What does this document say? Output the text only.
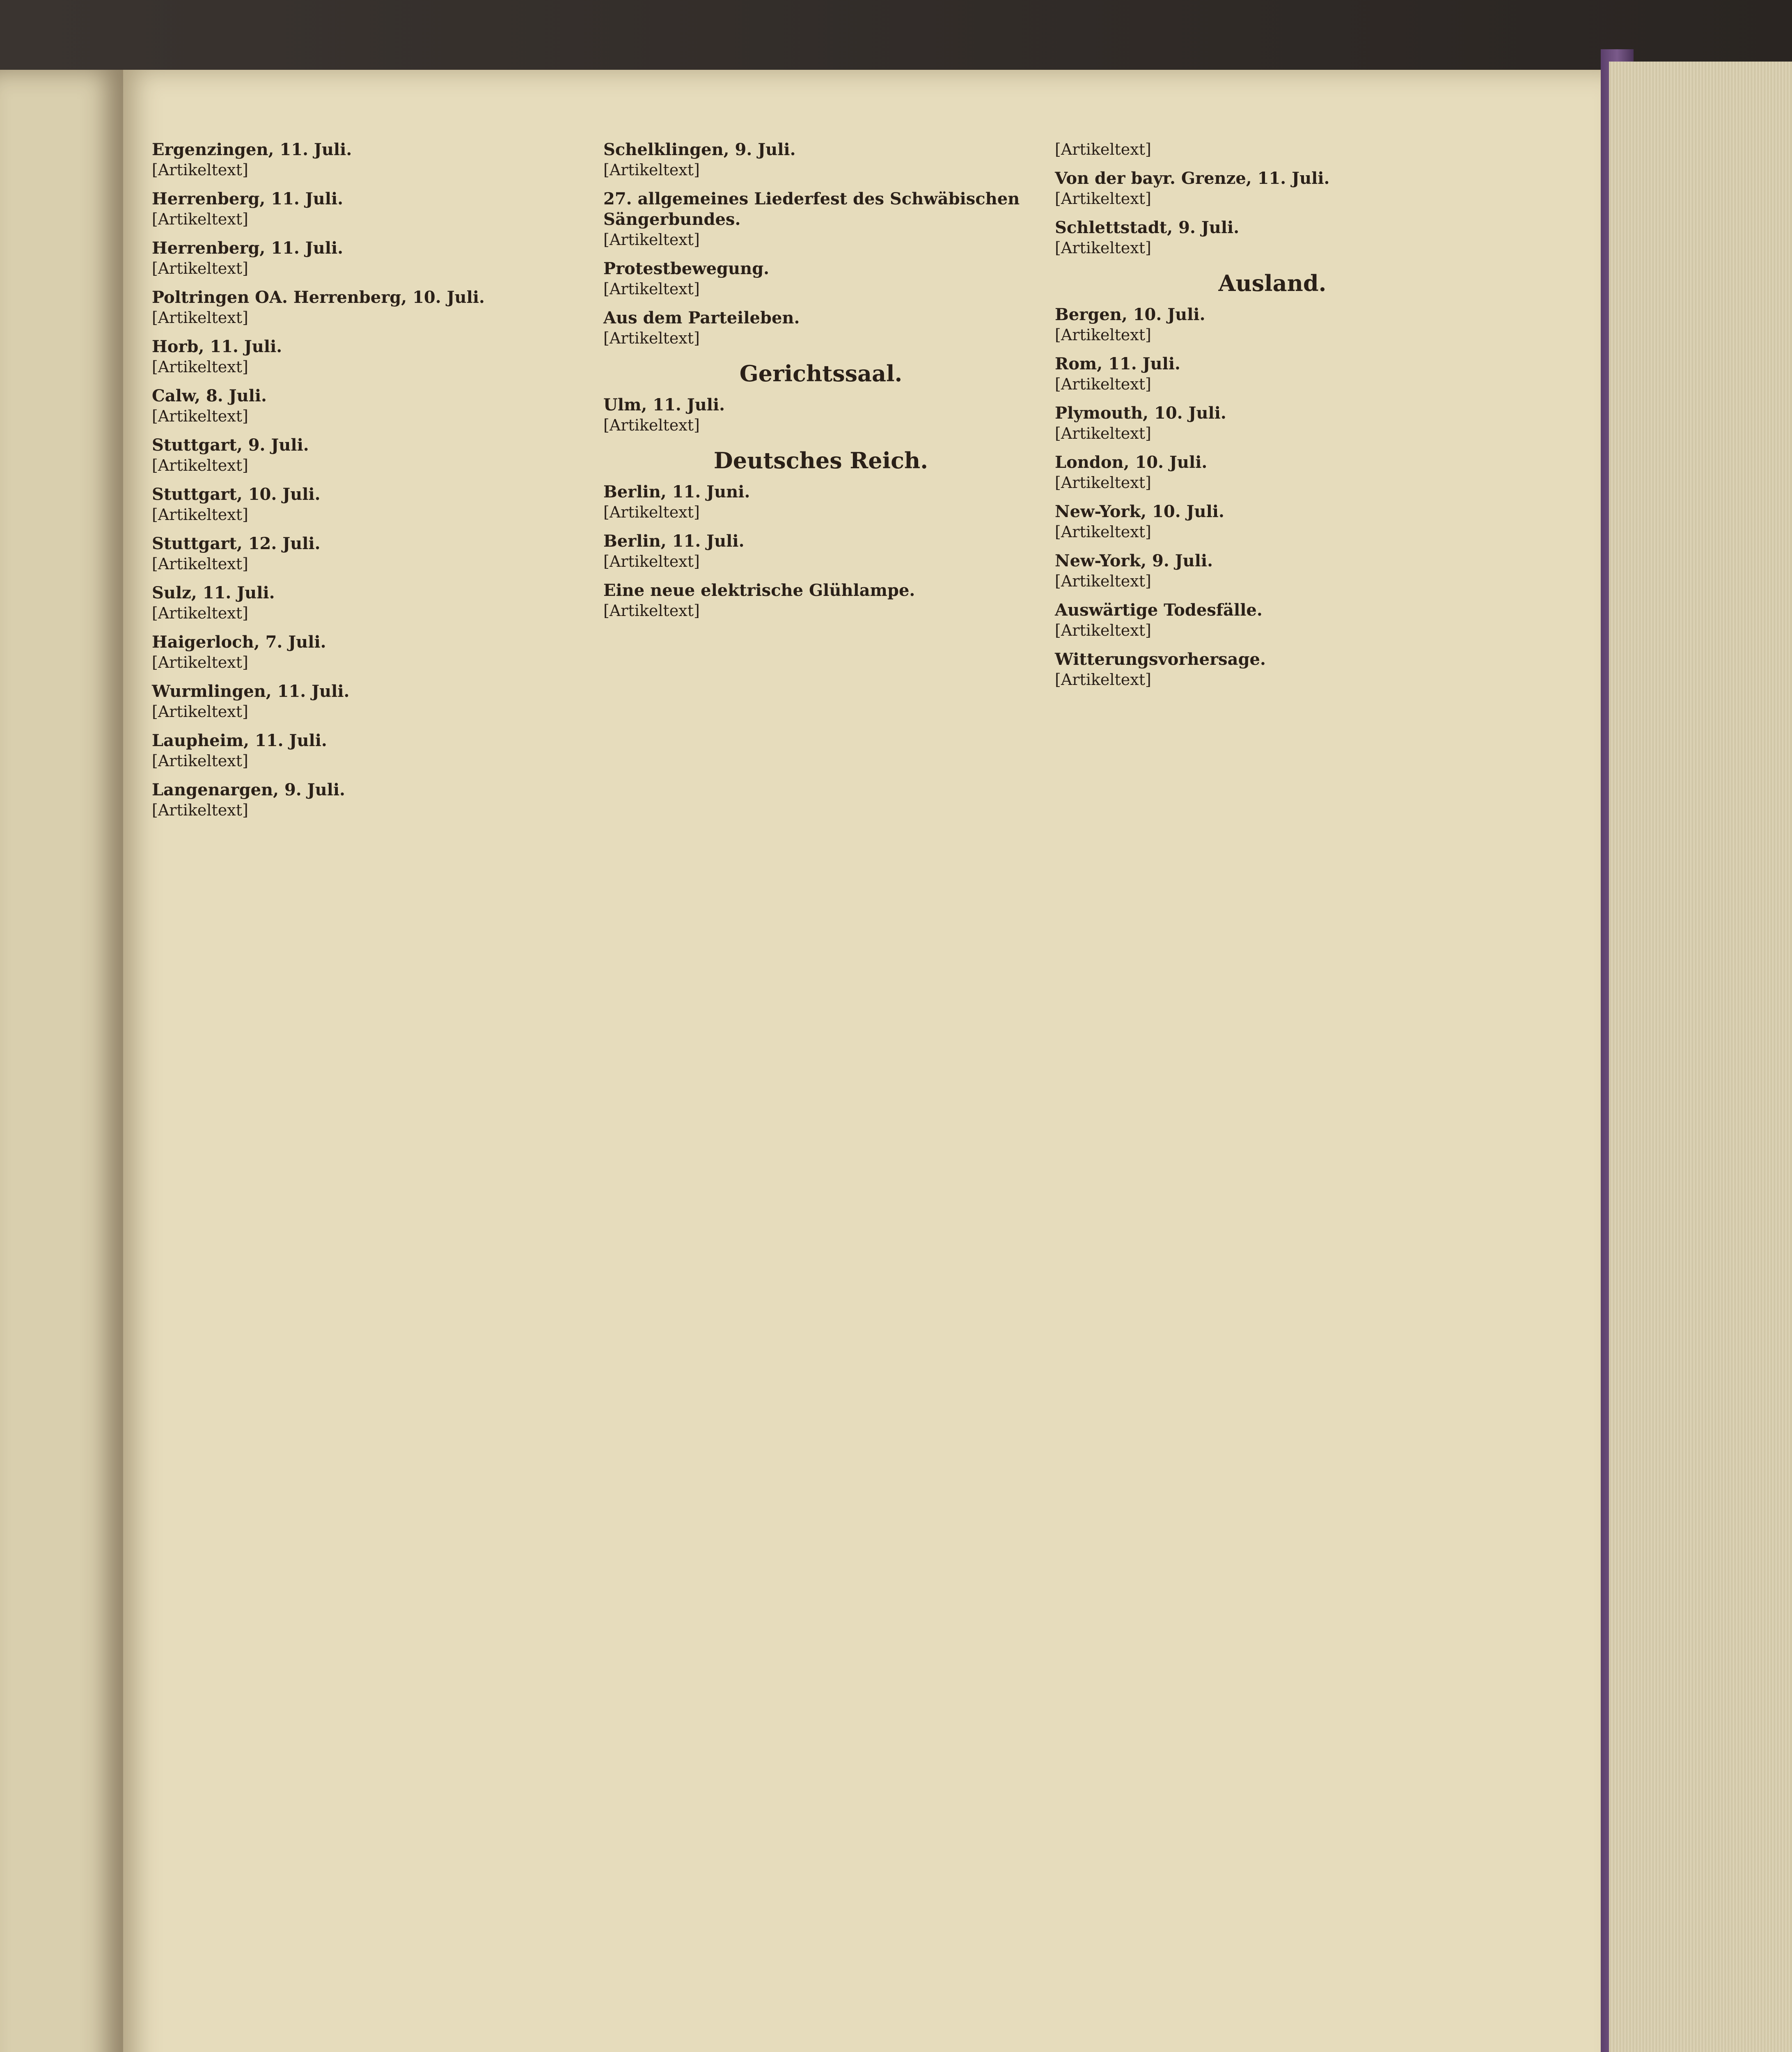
Ergenzingen, 11. Juli.
[Artikeltext]
Herrenberg, 11. Juli.
[Artikeltext]
Herrenberg, 11. Juli.
[Artikeltext]
Poltringen OA. Herrenberg, 10. Juli.
[Artikeltext]
Horb, 11. Juli.
[Artikeltext]
Calw, 8. Juli.
[Artikeltext]
Stuttgart, 9. Juli.
[Artikeltext]
Stuttgart, 10. Juli.
[Artikeltext]
Stuttgart, 12. Juli.
[Artikeltext]
Sulz, 11. Juli.
[Artikeltext]
Haigerloch, 7. Juli.
[Artikeltext]
Wurmlingen, 11. Juli.
[Artikeltext]
Laupheim, 11. Juli.
[Artikeltext]
Langenargen, 9. Juli.
[Artikeltext]
Schelklingen, 9. Juli.
[Artikeltext]
27. allgemeines Liederfest des Schwäbischen Sängerbundes.
[Artikeltext]
Protestbewegung.
[Artikeltext]
Aus dem Parteileben.
[Artikeltext]
Gerichtssaal.
Ulm, 11. Juli.
[Artikeltext]
Deutsches Reich.
Berlin, 11. Juni.
[Artikeltext]
Berlin, 11. Juli.
[Artikeltext]
Eine neue elektrische Glühlampe.
[Artikeltext]
[Artikeltext]
Von der bayr. Grenze, 11. Juli.
[Artikeltext]
Schlettstadt, 9. Juli.
[Artikeltext]
Ausland.
Bergen, 10. Juli.
[Artikeltext]
Rom, 11. Juli.
[Artikeltext]
Plymouth, 10. Juli.
[Artikeltext]
London, 10. Juli.
[Artikeltext]
New-York, 10. Juli.
[Artikeltext]
New-York, 9. Juli.
[Artikeltext]
Auswärtige Todesfälle.
[Artikeltext]
Witterungsvorhersage.
[Artikeltext]
